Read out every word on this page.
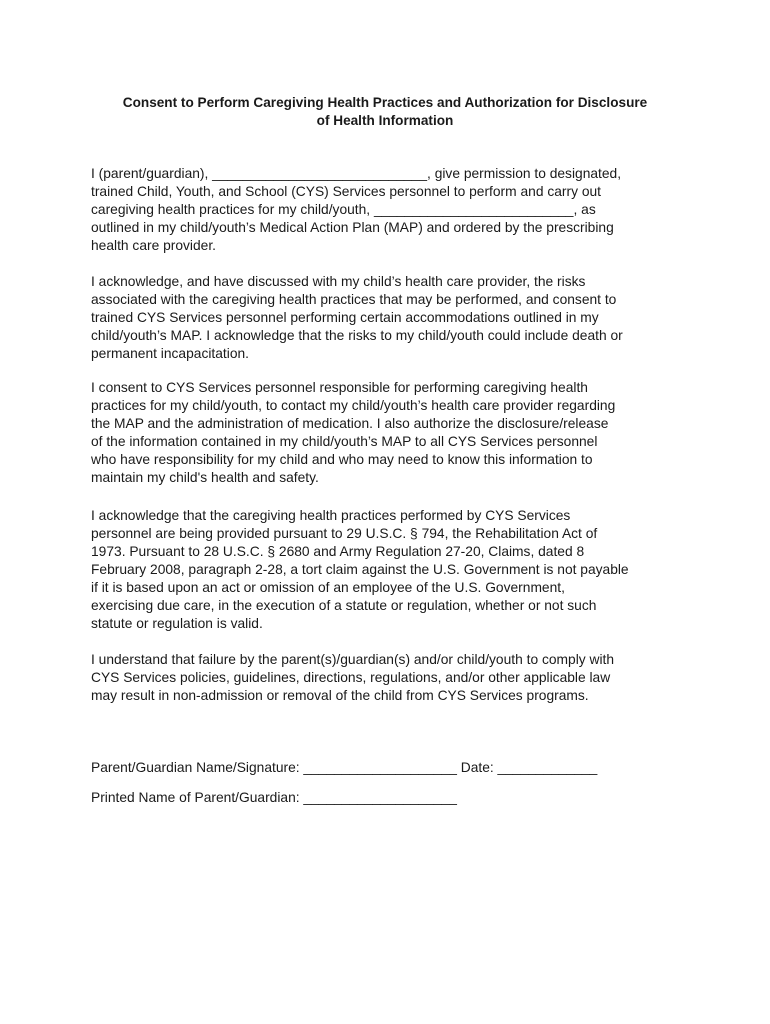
Consent to Perform Caregiving Health Practices and Authorization for Disclosure
of Health Information

I (parent/guardian), ____________________________, give permission to designated,
trained Child, Youth, and School (CYS) Services personnel to perform and carry out
caregiving health practices for my child/youth, __________________________, as
outlined in my child/youth’s Medical Action Plan (MAP) and ordered by the prescribing
health care provider.

I acknowledge, and have discussed with my child’s health care provider, the risks
associated with the caregiving health practices that may be performed, and consent to
trained CYS Services personnel performing certain accommodations outlined in my
child/youth’s MAP. I acknowledge that the risks to my child/youth could include death or
permanent incapacitation.

I consent to CYS Services personnel responsible for performing caregiving health
practices for my child/youth, to contact my child/youth’s health care provider regarding
the MAP and the administration of medication. I also authorize the disclosure/release
of the information contained in my child/youth’s MAP to all CYS Services personnel
who have responsibility for my child and who may need to know this information to
maintain my child's health and safety.

I acknowledge that the caregiving health practices performed by CYS Services
personnel are being provided pursuant to 29 U.S.C. § 794, the Rehabilitation Act of
1973. Pursuant to 28 U.S.C. § 2680 and Army Regulation 27-20, Claims, dated 8
February 2008, paragraph 2-28, a tort claim against the U.S. Government is not payable
if it is based upon an act or omission of an employee of the U.S. Government,
exercising due care, in the execution of a statute or regulation, whether or not such
statute or regulation is valid.

I understand that failure by the parent(s)/guardian(s) and/or child/youth to comply with
CYS Services policies, guidelines, directions, regulations, and/or other applicable law
may result in non-admission or removal of the child from CYS Services programs.

Parent/Guardian Name/Signature: ____________________ Date: _____________

Printed Name of Parent/Guardian: ____________________
